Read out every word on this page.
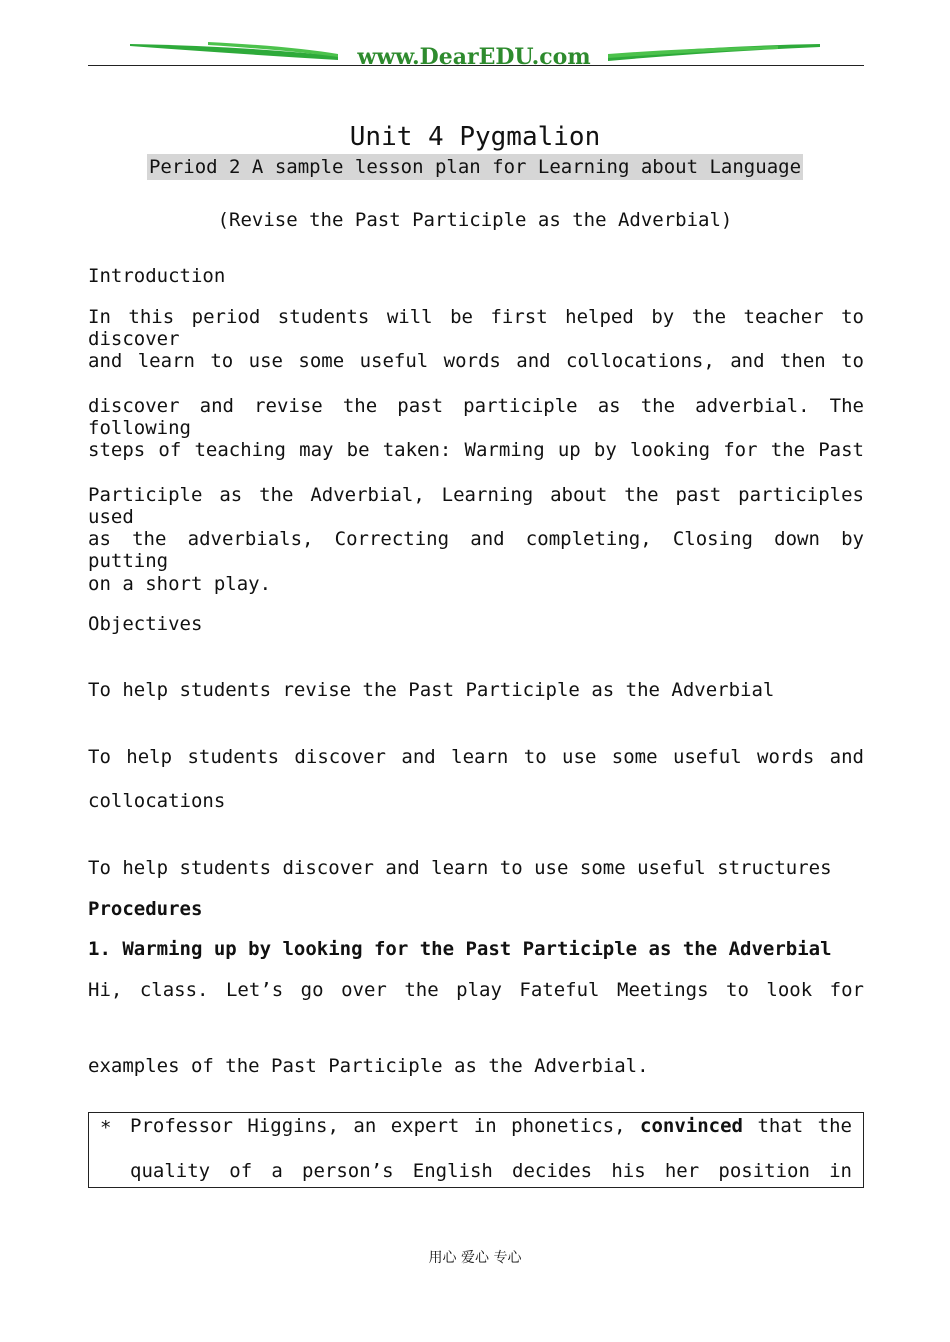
www.DearEDU.com
Unit 4 Pygmalion
Period 2 A sample lesson plan for Learning about Language
(Revise the Past Participle as the Adverbial)
Introduction
In this period students will be first helped by the teacher to discover
and learn to use some useful words and collocations, and then to
discover and revise the past participle as the adverbial. The following
steps of teaching may be taken: Warming up by looking for the Past
Participle as the Adverbial, Learning about the past participles used
as the adverbials, Correcting and completing, Closing down by putting
on a short play.
Objectives
To help students revise the Past Participle as the Adverbial
To help students discover and learn to use some useful words and
collocations
To help students discover and learn to use some useful structures
Procedures
1. Warming up by looking for the Past Participle as the Adverbial
Hi, class. Let’s go over the play Fateful Meetings to look for
examples of the Past Participle as the Adverbial.
* Professor Higgins, an expert in phonetics, convinced that the
quality of a person’s English decides his her position in
用心 爱心 专心
